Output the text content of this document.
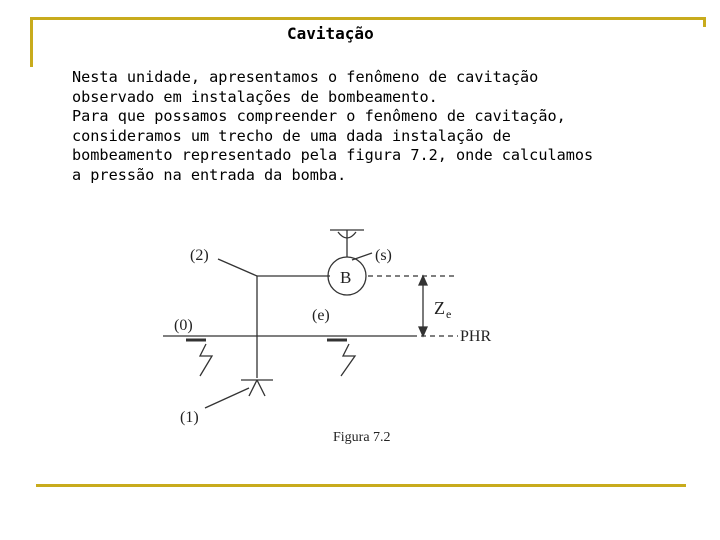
Cavitação
Nesta unidade, apresentamos o fenômeno de cavitação
observado em instalações de bombeamento.
Para que possamos compreender o fenômeno de cavitação,
consideramos um trecho de uma dada instalação de
bombeamento representado pela figura 7.2, onde calculamos
a pressão na entrada da bomba.
(2)	(s)
B
(0)
(e)	Z e
PHR
(1)
Figura 7.2
